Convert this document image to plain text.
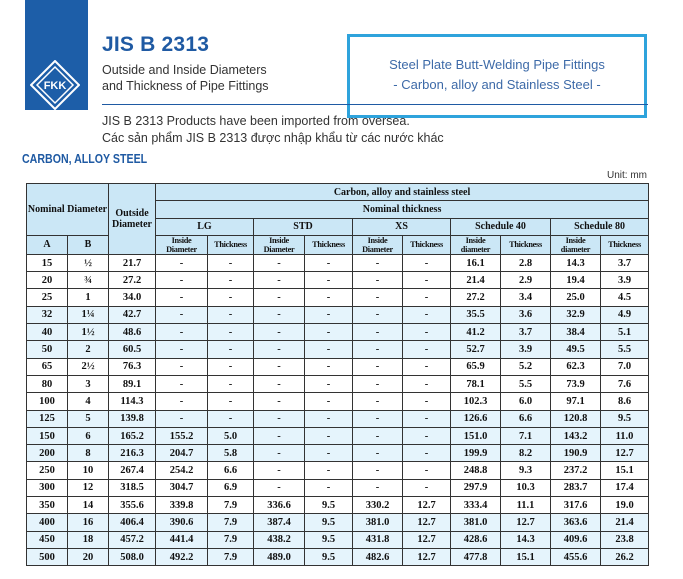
FKK
JIS B 2313
Outside and Inside Diameters
and Thickness of Pipe Fittings
Steel Plate Butt-Welding Pipe Fittings
- Carbon, alloy and Stainless Steel -
JIS B 2313 Products have been imported from oversea.
Các sản phẩm JIS B 2313 được nhập khẩu từ các nước khác
CARBON, ALLOY STEEL
Unit: mm
Nominal Diameter		Outside Diameter	Carbon, alloy and stainless steel									
			Nominal thickness									
			LG		STD		XS		Schedule 40		Schedule 80	
A	B		Inside Diameter	Thickness	Inside Diameter	Thickness	Inside Diameter	Thickness	Inside diameter	Thickness	Inside diameter	Thickness
15	½	21.7	-	-	-	-	-	-	16.1	2.8	14.3	3.7
20	¾	27.2	-	-	-	-	-	-	21.4	2.9	19.4	3.9
25	1	34.0	-	-	-	-	-	-	27.2	3.4	25.0	4.5
32	1¼	42.7	-	-	-	-	-	-	35.5	3.6	32.9	4.9
40	1½	48.6	-	-	-	-	-	-	41.2	3.7	38.4	5.1
50	2	60.5	-	-	-	-	-	-	52.7	3.9	49.5	5.5
65	2½	76.3	-	-	-	-	-	-	65.9	5.2	62.3	7.0
80	3	89.1	-	-	-	-	-	-	78.1	5.5	73.9	7.6
100	4	114.3	-	-	-	-	-	-	102.3	6.0	97.1	8.6
125	5	139.8	-	-	-	-	-	-	126.6	6.6	120.8	9.5
150	6	165.2	155.2	5.0	-	-	-	-	151.0	7.1	143.2	11.0
200	8	216.3	204.7	5.8	-	-	-	-	199.9	8.2	190.9	12.7
250	10	267.4	254.2	6.6	-	-	-	-	248.8	9.3	237.2	15.1
300	12	318.5	304.7	6.9	-	-	-	-	297.9	10.3	283.7	17.4
350	14	355.6	339.8	7.9	336.6	9.5	330.2	12.7	333.4	11.1	317.6	19.0
400	16	406.4	390.6	7.9	387.4	9.5	381.0	12.7	381.0	12.7	363.6	21.4
450	18	457.2	441.4	7.9	438.2	9.5	431.8	12.7	428.6	14.3	409.6	23.8
500	20	508.0	492.2	7.9	489.0	9.5	482.6	12.7	477.8	15.1	455.6	26.2
